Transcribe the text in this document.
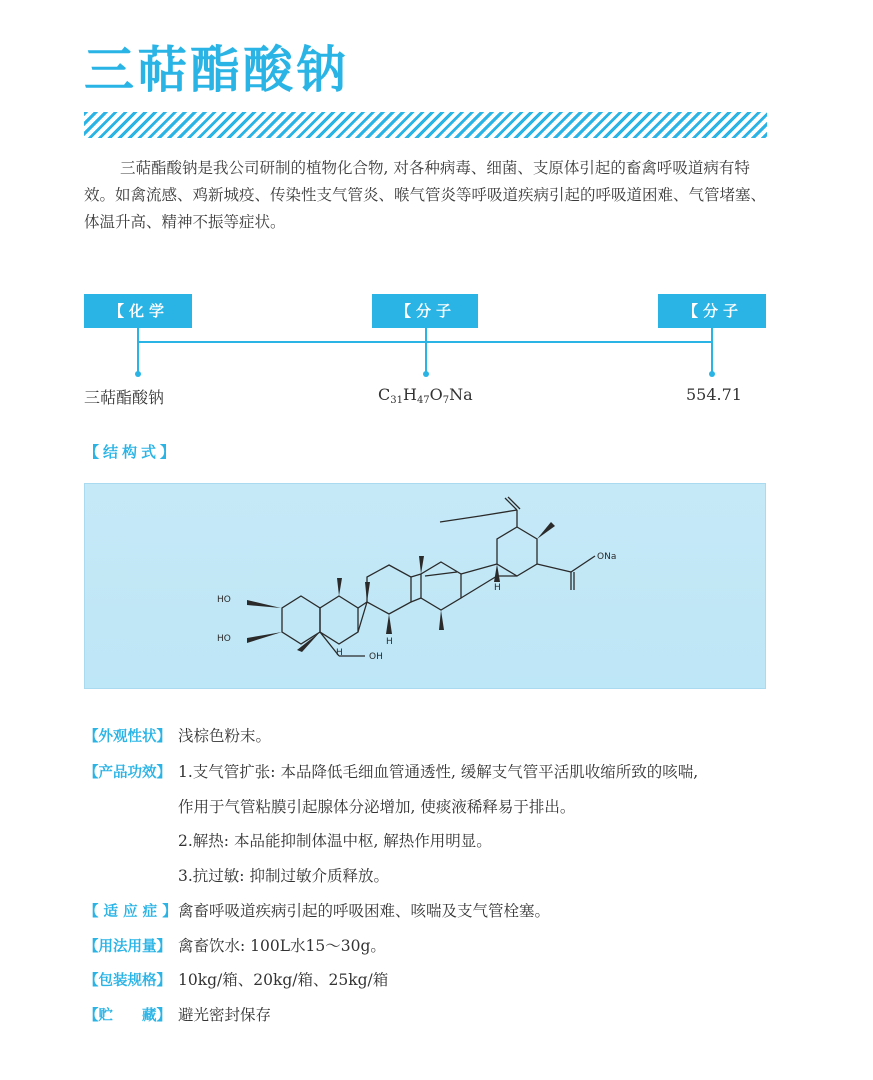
三萜酯酸钠

三萜酯酸钠是我公司研制的植物化合物, 对各种病毒、细菌、支原体引起的畜禽呼吸道病有特效。如禽流感、鸡新城疫、传染性支气管炎、喉气管炎等呼吸道疾病引起的呼吸道困难、气管堵塞、体温升高、精神不振等症状。

【化学名】
【分子式】
【分子量】
三萜酯酸钠	$C_{31}H_{47}O_7Na$	554.71
【结构式】
HO
HO
OH
ONa
H
H
H
【外观性状】 浅棕色粉末。
【产品功效】 1.支气管扩张: 本品降低毛细血管通透性, 缓解支气管平活肌收缩所致的咳喘,
作用于气管粘膜引起腺体分泌增加, 使痰液稀释易于排出。
2.解热: 本品能抑制体温中枢, 解热作用明显。
3.抗过敏: 抑制过敏介质释放。
【 适 应 症 】禽畜呼吸道疾病引起的呼吸困难、咳喘及支气管栓塞。
【用法用量】 禽畜饮水: 100L水15～30g。
【包装规格】 10kg/箱、20kg/箱、25kg/箱
【贮　　藏】 避光密封保存
